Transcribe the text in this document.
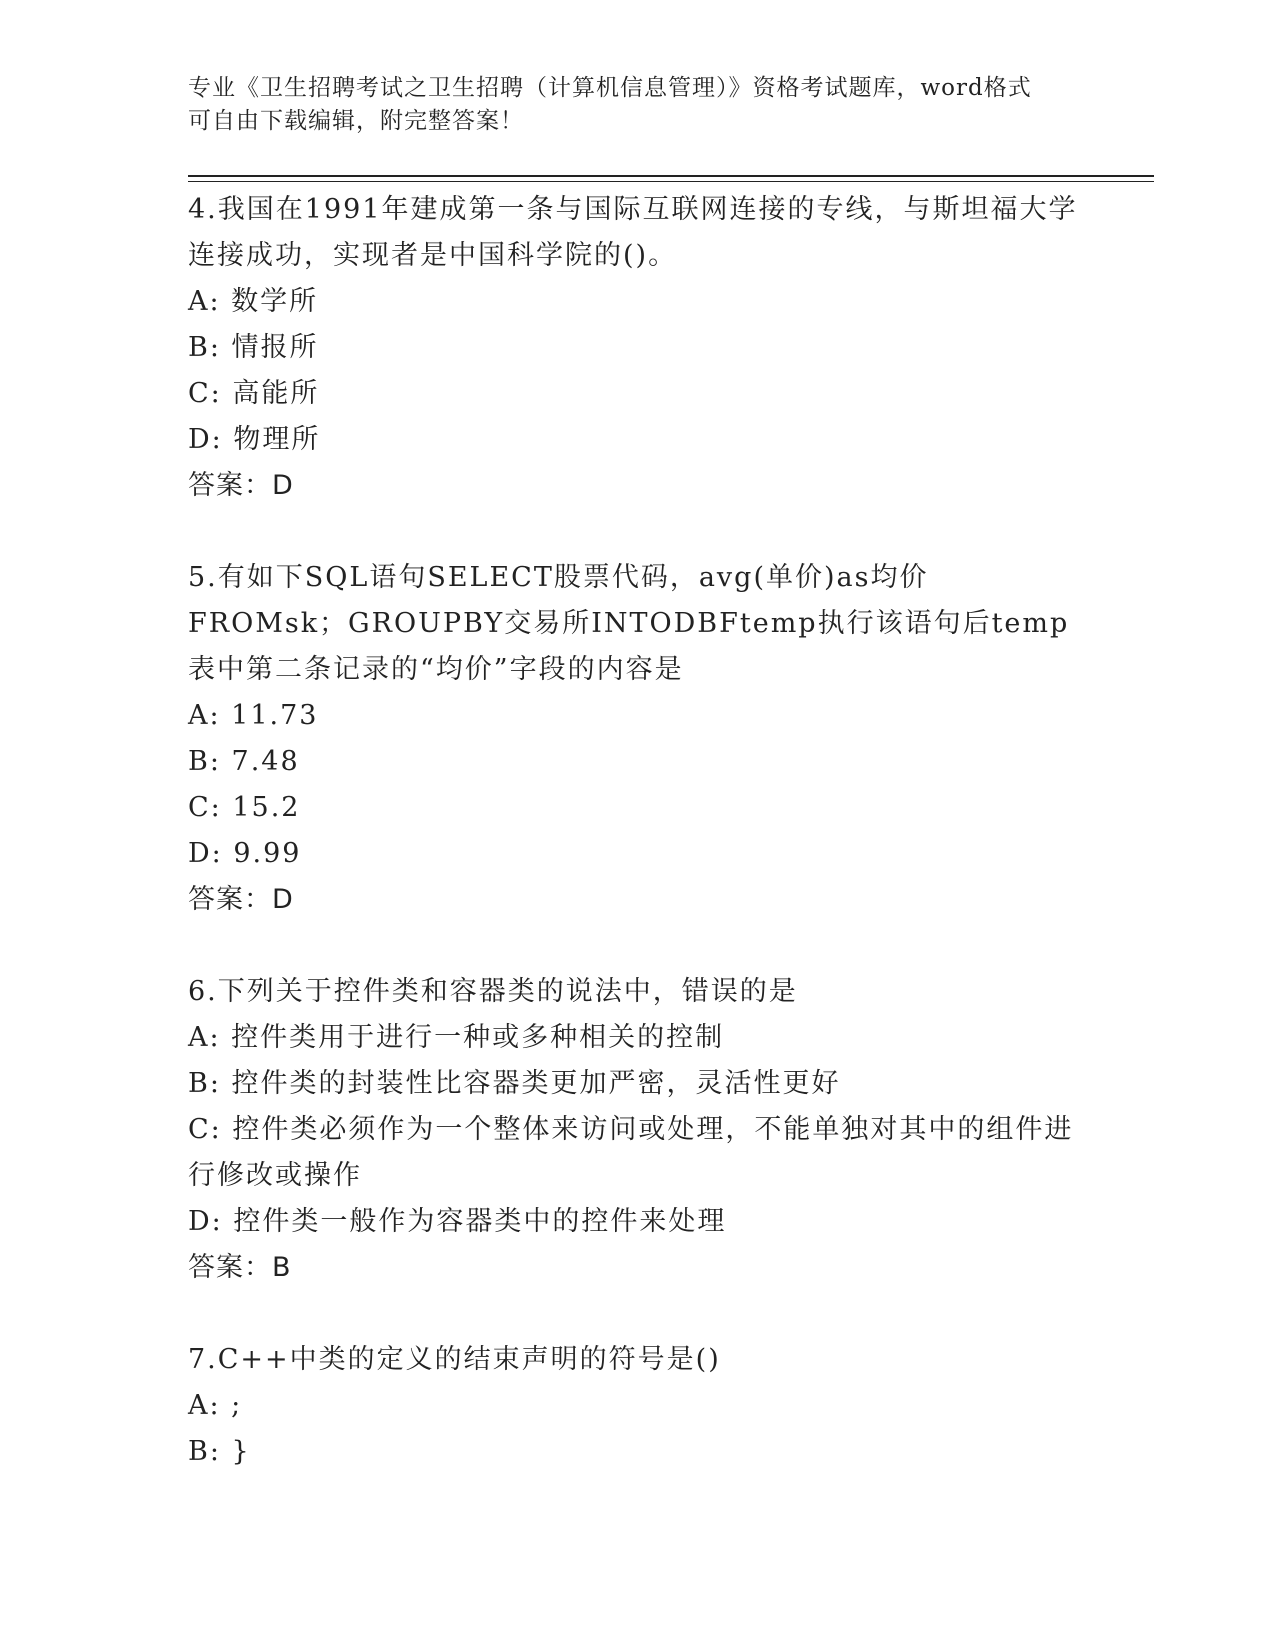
专业《卫生招聘考试之卫生招聘（计算机信息管理）》资格考试题库，word格式
可自由下载编辑，附完整答案！
4.我国在1991年建成第一条与国际互联网连接的专线，与斯坦福大学连接成功，实现者是中国科学院的()。
A: 数学所
B: 情报所
C: 高能所
D: 物理所
答案：D
5.有如下SQL语句SELECT股票代码，avg(单价)as均价FROMsk；GROUPBY交易所INTODBFtemp执行该语句后temp表中第二条记录的“均价”字段的内容是
A: 11.73
B: 7.48
C: 15.2
D: 9.99
答案：D
6.下列关于控件类和容器类的说法中，错误的是
A: 控件类用于进行一种或多种相关的控制
B: 控件类的封装性比容器类更加严密，灵活性更好
C: 控件类必须作为一个整体来访问或处理，不能单独对其中的组件进行修改或操作
D: 控件类一般作为容器类中的控件来处理
答案：B
7.C++中类的定义的结束声明的符号是()
A: ;
B: }
